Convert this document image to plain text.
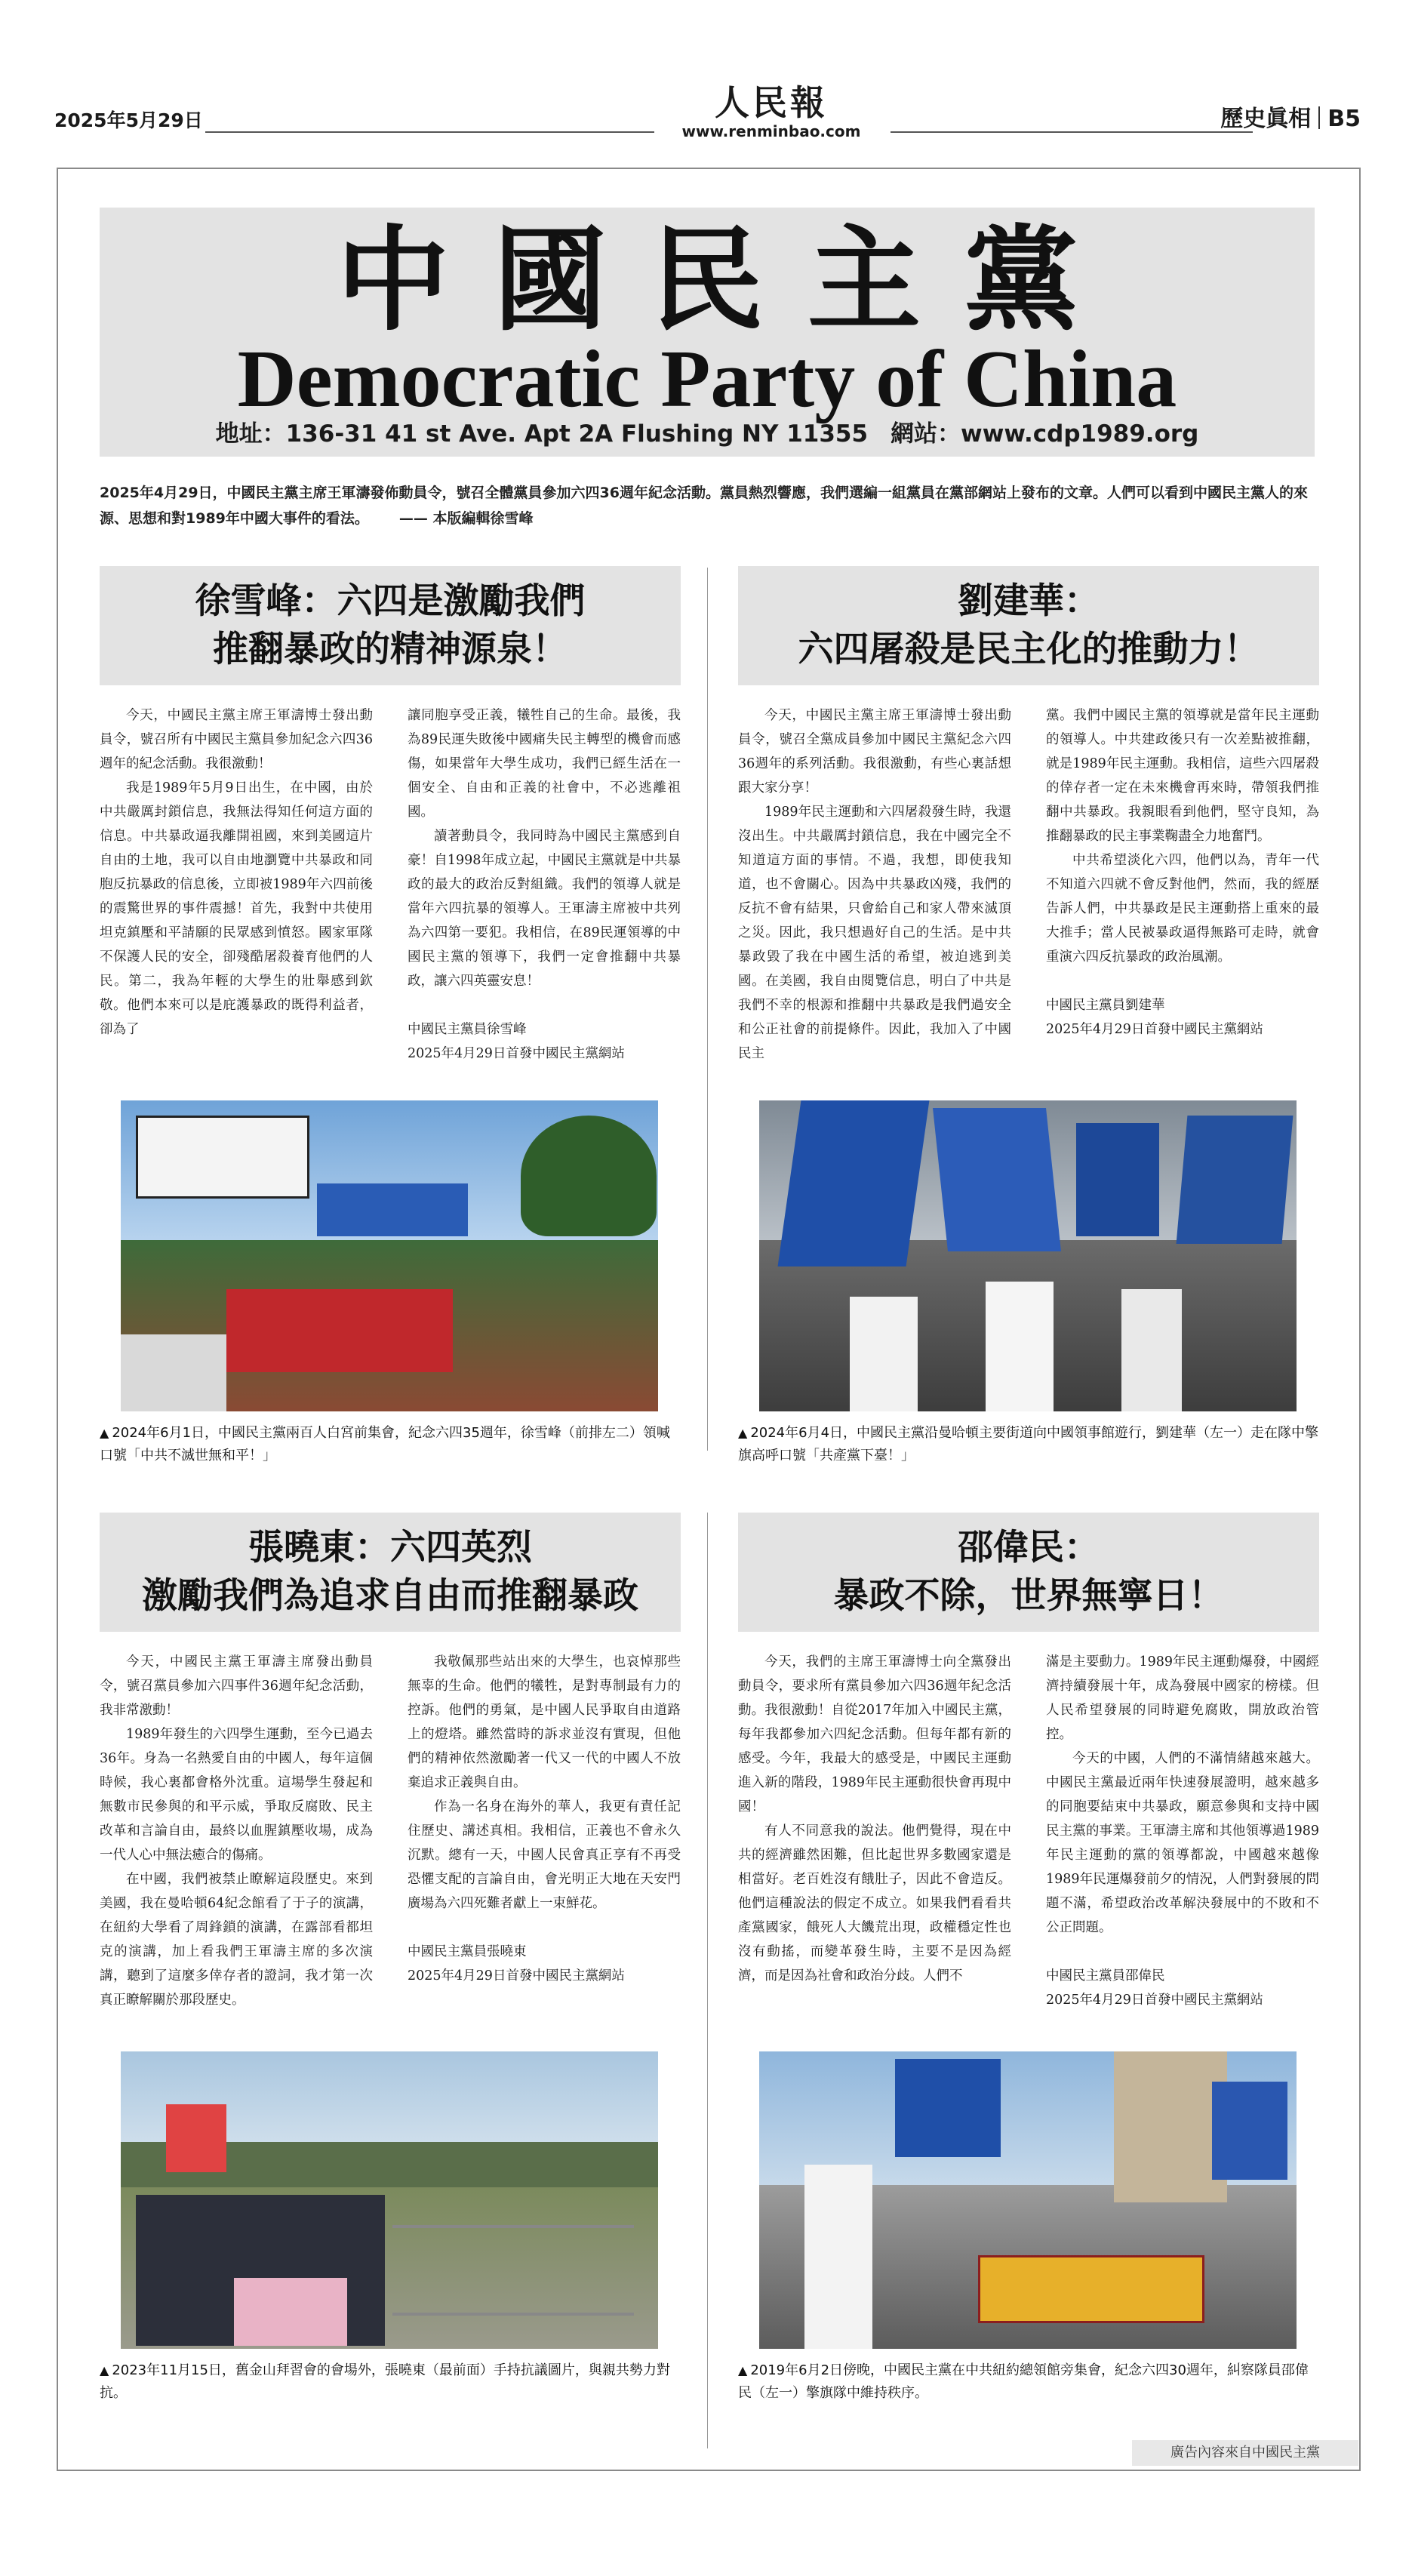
2025年5月29日	人民報
www.renminbao.com	歷史眞相 B5
中國民主黨
Democratic Party of China
地址：136-31 41 st Ave. Apt 2A Flushing NY 11355 網站：www.cdp1989.org
2025年4月29日，中國民主黨主席王軍濤發佈動員令，號召全體黨員參加六四36週年紀念活動。黨員熱烈響應，我們選編一組黨員在黨部網站上發布的文章。人們可以看到中國民主黨人的來源、思想和對1989年中國大事件的看法。 —— 本版編輯徐雪峰
徐雪峰：六四是激勵我們
推翻暴政的精神源泉！

今天，中國民主黨主席王軍濤博士發出動員令，號召所有中國民主黨員參加紀念六四36週年的紀念活動。我很激動！

我是1989年5月9日出生，在中國，由於中共嚴厲封鎖信息，我無法得知任何這方面的信息。中共暴政逼我離開祖國，來到美國這片自由的土地，我可以自由地瀏覽中共暴政和同胞反抗暴政的信息後，立即被1989年六四前後的震驚世界的事件震撼！首先，我對中共使用坦克鎮壓和平請願的民眾感到憤怒。國家軍隊不保護人民的安全，卻殘酷屠殺養育他們的人民。第二，我為年輕的大學生的壯舉感到欽敬。他們本來可以是庇護暴政的既得利益者，卻為了

讓同胞享受正義，犧牲自己的生命。最後，我為89民運失敗後中國痛失民主轉型的機會而感傷，如果當年大學生成功，我們已經生活在一個安全、自由和正義的社會中，不必逃離祖國。

讀著動員令，我同時為中國民主黨感到自豪！自1998年成立起，中國民主黨就是中共暴政的最大的政治反對組織。我們的領導人就是當年六四抗暴的領導人。王軍濤主席被中共列為六四第一要犯。我相信，在89民運領導的中國民主黨的領導下，我們一定會推翻中共暴政，讓六四英靈安息！

中國民主黨員徐雪峰

2025年4月29日首發中國民主黨網站

▲ 2024年6月1日，中國民主黨兩百人白宮前集會，紀念六四35週年，徐雪峰（前排左二）領喊口號「中共不滅世無和平！」
劉建華：
六四屠殺是民主化的推動力！

今天，中國民主黨主席王軍濤博士發出動員令，號召全黨成員參加中國民主黨紀念六四36週年的系列活動。我很激動，有些心裏話想跟大家分享！

1989年民主運動和六四屠殺發生時，我還沒出生。中共嚴厲封鎖信息，我在中國完全不知道這方面的事情。不過，我想，即使我知道，也不會關心。因為中共暴政凶殘，我們的反抗不會有結果，只會給自己和家人帶來滅頂之災。因此，我只想過好自己的生活。是中共暴政毀了我在中國生活的希望，被迫逃到美國。在美國，我自由閱覽信息，明白了中共是我們不幸的根源和推翻中共暴政是我們過安全和公正社會的前提條件。因此，我加入了中國民主

黨。我們中國民主黨的領導就是當年民主運動的領導人。中共建政後只有一次差點被推翻，就是1989年民主運動。我相信，這些六四屠殺的倖存者一定在未來機會再來時，帶領我們推翻中共暴政。我親眼看到他們，堅守良知，為推翻暴政的民主事業鞠盡全力地奮鬥。

中共希望淡化六四，他們以為，青年一代不知道六四就不會反對他們，然而，我的經歷告訴人們，中共暴政是民主運動搭上重來的最大推手；當人民被暴政逼得無路可走時，就會重演六四反抗暴政的政治風潮。

中國民主黨員劉建華

2025年4月29日首發中國民主黨網站

▲ 2024年6月4日，中國民主黨沿曼哈頓主要街道向中國領事館遊行，劉建華（左一）走在隊中擎旗高呼口號「共產黨下臺！」
張曉東：六四英烈
激勵我們為追求自由而推翻暴政

今天，中國民主黨王軍濤主席發出動員令，號召黨員參加六四事件36週年紀念活動，我非常激動！

1989年發生的六四學生運動，至今已過去36年。身為一名熱愛自由的中國人，每年這個時候，我心裏都會格外沈重。這場學生發起和無數市民參與的和平示威，爭取反腐敗、民主改革和言論自由，最終以血腥鎮壓收場，成為一代人心中無法癒合的傷痛。

在中國，我們被禁止瞭解這段歷史。來到美國，我在曼哈頓64紀念館看了于子的演講，在紐約大學看了周鋒鎖的演講，在露部看都坦克的演講，加上看我們王軍濤主席的多次演講，聽到了這麼多倖存者的證詞，我才第一次真正瞭解關於那段歷史。

我敬佩那些站出來的大學生，也哀悼那些無辜的生命。他們的犧牲，是對專制最有力的控訴。他們的勇氣，是中國人民爭取自由道路上的燈塔。雖然當時的訴求並沒有實現，但他們的精神依然激勵著一代又一代的中國人不放棄追求正義與自由。

作為一名身在海外的華人，我更有責任記住歷史、講述真相。我相信，正義也不會永久沉默。總有一天，中國人民會真正享有不再受恐懼支配的言論自由，會光明正大地在天安門廣場為六四死難者獻上一束鮮花。

中國民主黨員張曉東

2025年4月29日首發中國民主黨網站

▲ 2023年11月15日，舊金山拜習會的會場外，張曉東（最前面）手持抗議圖片，與親共勢力對抗。
邵偉民：
暴政不除，世界無寧日！

今天，我們的主席王軍濤博士向全黨發出動員令，要求所有黨員參加六四36週年紀念活動。我很激動！自從2017年加入中國民主黨，每年我都參加六四紀念活動。但每年都有新的感受。今年，我最大的感受是，中國民主運動進入新的階段，1989年民主運動很快會再現中國！

有人不同意我的說法。他們覺得，現在中共的經濟雖然困難，但比起世界多數國家還是相當好。老百姓沒有餓肚子，因此不會造反。他們這種說法的假定不成立。如果我們看看共產黨國家，餓死人大饑荒出現，政權穩定性也沒有動搖，而變革發生時，主要不是因為經濟，而是因為社會和政治分歧。人們不

滿是主要動力。1989年民主運動爆發，中國經濟持續發展十年，成為發展中國家的榜樣。但人民希望發展的同時避免腐敗，開放政治管控。

今天的中國，人們的不滿情緒越來越大。中國民主黨最近兩年快速發展證明，越來越多的同胞要結束中共暴政，願意參與和支持中國民主黨的事業。王軍濤主席和其他領導過1989年民主運動的黨的領導都說，中國越來越像1989年民運爆發前夕的情況，人們對發展的問題不滿，希望政治改革解決發展中的不敗和不公正問題。

中國民主黨員邵偉民

2025年4月29日首發中國民主黨網站

▲ 2019年6月2日傍晚，中國民主黨在中共紐約總領館旁集會，紀念六四30週年，糾察隊員邵偉民（左一）擎旗隊中維持秩序。
廣告內容來自中國民主黨
